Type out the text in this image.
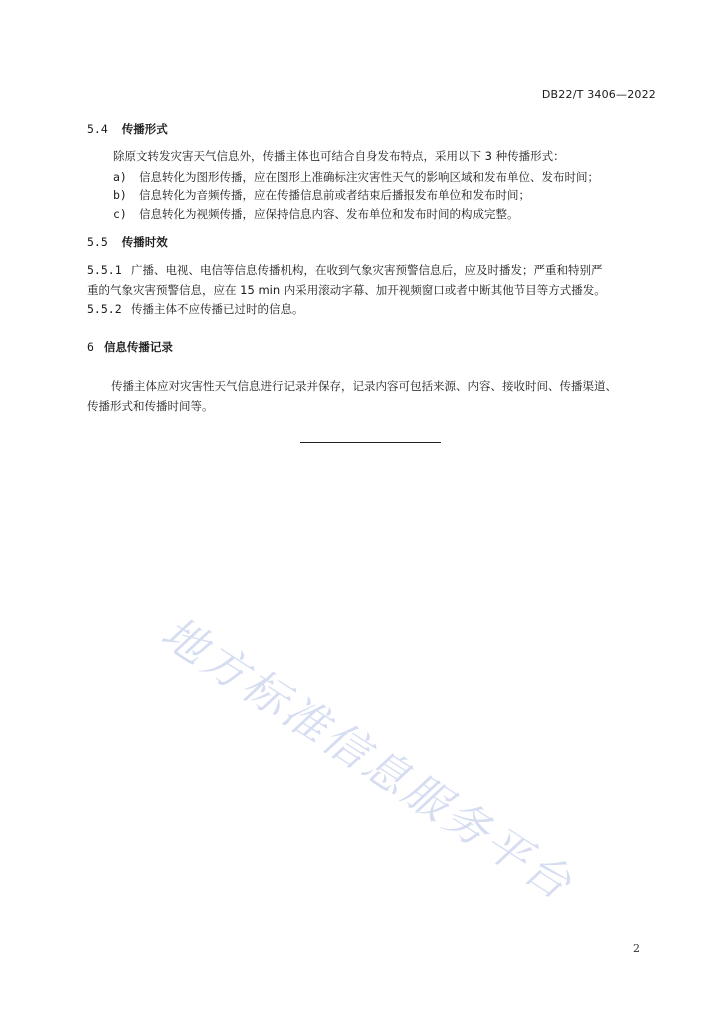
DB22/T 3406—2022
5.4 传播形式
除原文转发灾害天气信息外，传播主体也可结合自身发布特点，采用以下 3 种传播形式：
a) 信息转化为图形传播，应在图形上准确标注灾害性天气的影响区域和发布单位、发布时间；
b) 信息转化为音频传播，应在传播信息前或者结束后播报发布单位和发布时间；
c) 信息转化为视频传播，应保持信息内容、发布单位和发布时间的构成完整。
5.5 传播时效
5.5.1 广播、电视、电信等信息传播机构，在收到气象灾害预警信息后，应及时播发；严重和特别严
重的气象灾害预警信息，应在 15 min 内采用滚动字幕、加开视频窗口或者中断其他节目等方式播发。
5.5.2 传播主体不应传播已过时的信息。
6 信息传播记录
传播主体应对灾害性天气信息进行记录并保存，记录内容可包括来源、内容、接收时间、传播渠道、
传播形式和传播时间等。
地方标准信息服务平台
2
